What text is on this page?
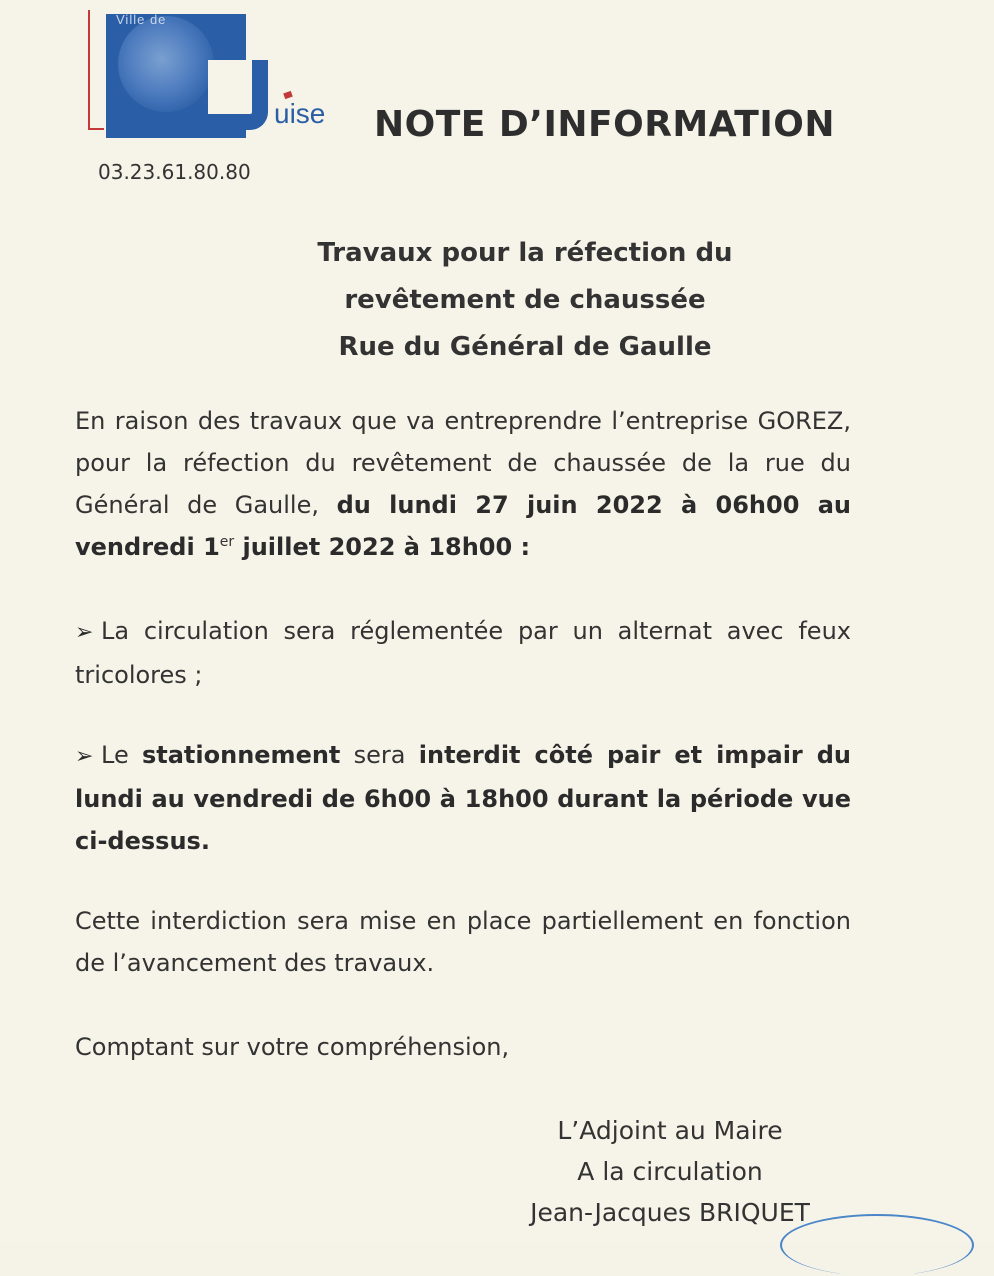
Ville de
uise
03.23.61.80.80
NOTE D’INFORMATION
Travaux pour la réfection du
revêtement de chaussée
Rue du Général de Gaulle
En raison des travaux que va entreprendre l’entreprise GOREZ, pour la réfection du revêtement de chaussée de la rue du Général de Gaulle, du lundi 27 juin 2022 à 06h00 au vendredi 1er juillet 2022 à 18h00 :
➢ La circulation sera réglementée par un alternat avec feux tricolores ;
➢ Le stationnement sera interdit côté pair et impair du lundi au vendredi de 6h00 à 18h00 durant la période vue ci-dessus.
Cette interdiction sera mise en place partiellement en fonction de l’avancement des travaux.
Comptant sur votre compréhension,
L’Adjoint au Maire
A la circulation
Jean-Jacques BRIQUET
